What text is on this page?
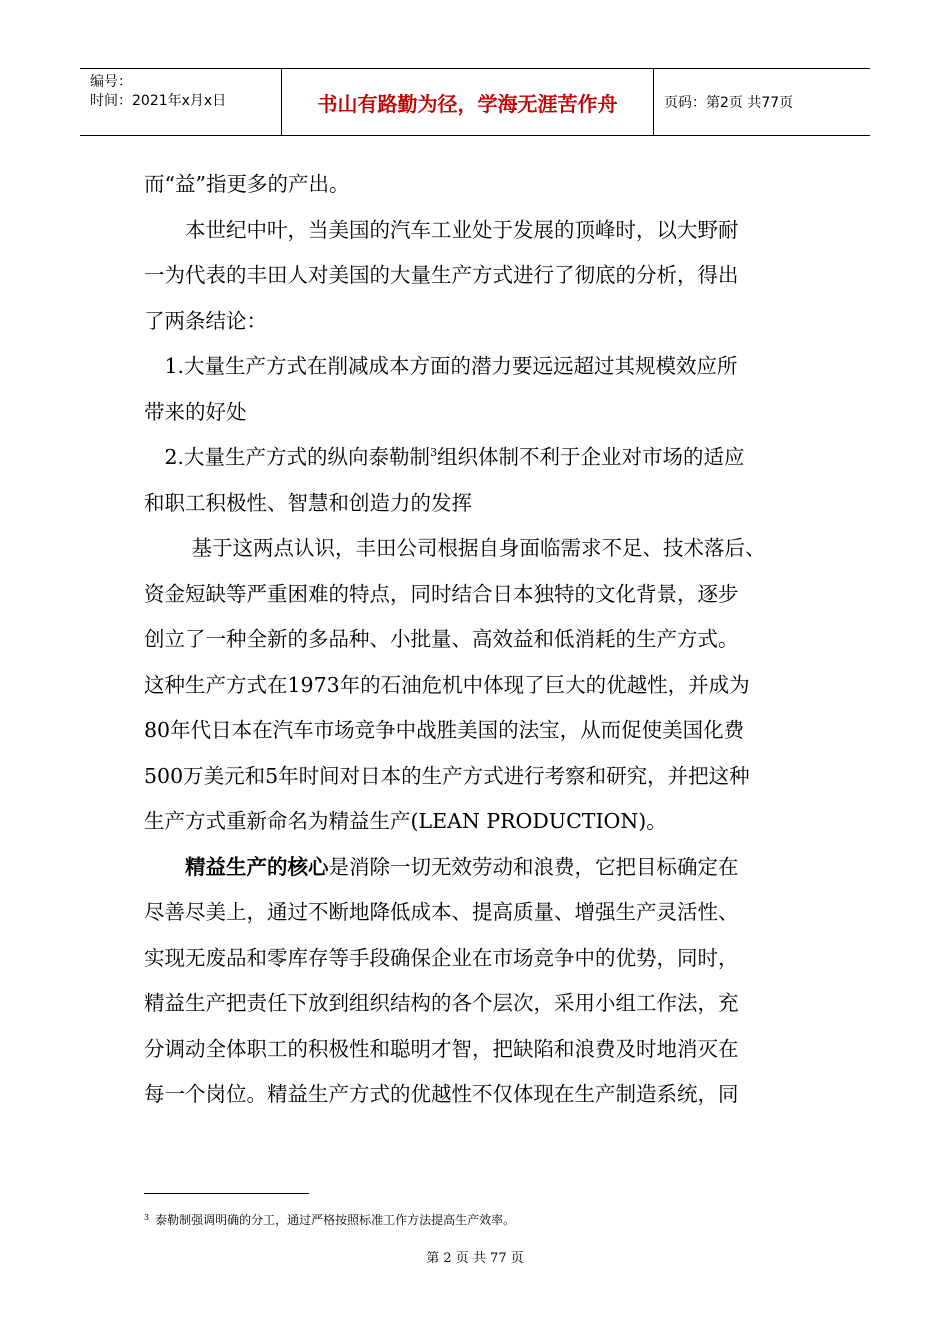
编号：
时间：2021年x月x日	书山有路勤为径，学海无涯苦作舟	页码：第2页 共77页
而“益”指更多的产出。
　　本世纪中叶，当美国的汽车工业处于发展的顶峰时，以大野耐
一为代表的丰田人对美国的大量生产方式进行了彻底的分析，得出
了两条结论：
　1.大量生产方式在削减成本方面的潜力要远远超过其规模效应所
带来的好处
　2.大量生产方式的纵向泰勒制$^3$组织体制不利于企业对市场的适应
和职工积极性、智慧和创造力的发挥
　　 基于这两点认识，丰田公司根据自身面临需求不足、技术落后、
资金短缺等严重困难的特点，同时结合日本独特的文化背景，逐步
创立了一种全新的多品种、小批量、高效益和低消耗的生产方式。
这种生产方式在1973年的石油危机中体现了巨大的优越性，并成为
80年代日本在汽车市场竞争中战胜美国的法宝，从而促使美国化费
500万美元和5年时间对日本的生产方式进行考察和研究，并把这种
生产方式重新命名为精益生产(LEAN PRODUCTION)。
　　精益生产的核心是消除一切无效劳动和浪费，它把目标确定在
尽善尽美上，通过不断地降低成本、提高质量、增强生产灵活性、
实现无废品和零库存等手段确保企业在市场竞争中的优势，同时，
精益生产把责任下放到组织结构的各个层次，采用小组工作法，充
分调动全体职工的积极性和聪明才智，把缺陷和浪费及时地消灭在
每一个岗位。精益生产方式的优越性不仅体现在生产制造系统，同
$^3$ 泰勒制强调明确的分工，通过严格按照标准工作方法提高生产效率。
第 2 页 共 77 页
